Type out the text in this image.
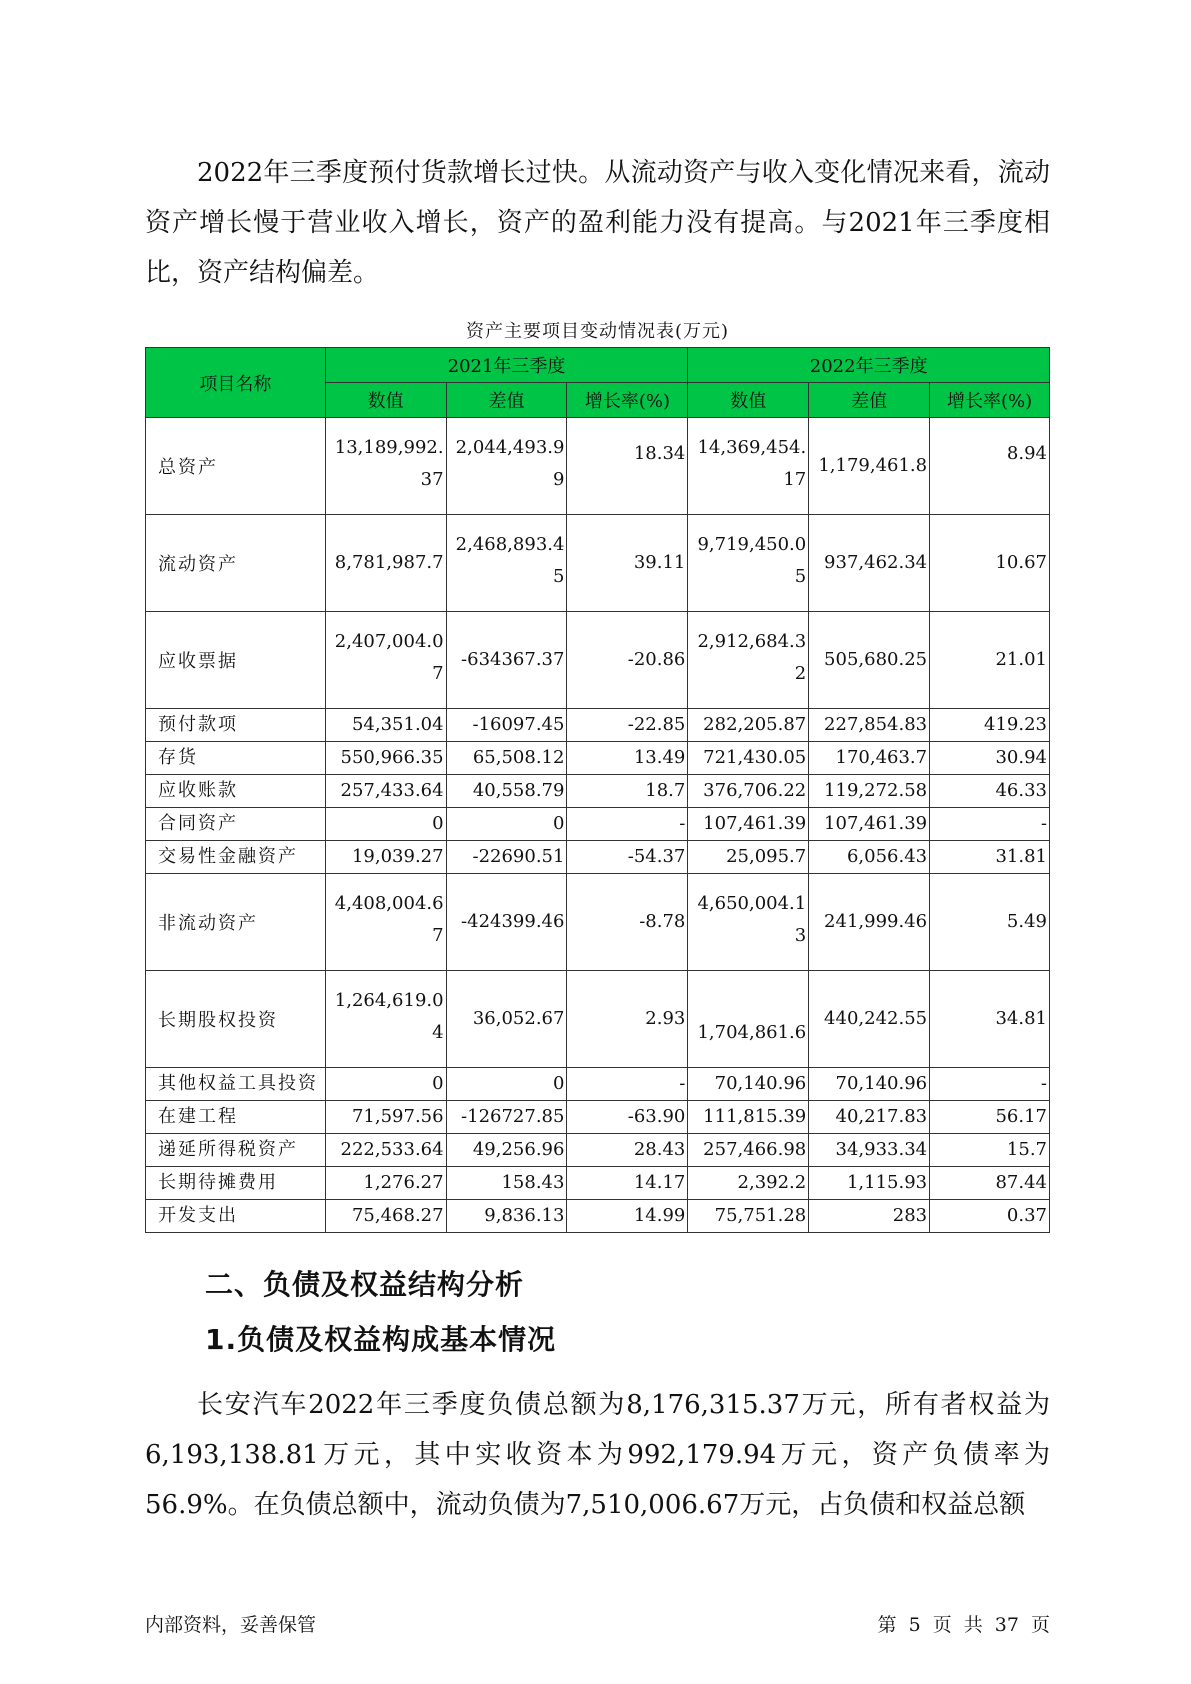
2022年三季度预付货款增长过快。从流动资产与收入变化情况来看，流动资产增长慢于营业收入增长，资产的盈利能力没有提高。与2021年三季度相比，资产结构偏差。

资产主要项目变动情况表(万元)
项目名称	2021年三季度			2022年三季度		
	数值	差值	增长率(%)	数值	差值	增长率(%)
总资产	13,189,992.37	2,044,493.99	18.34	14,369,454.17	1,179,461.8	8.94
流动资产	8,781,987.7	2,468,893.45	39.11	9,719,450.05	937,462.34	10.67
应收票据	2,407,004.07	-634367.37	-20.86	2,912,684.32	505,680.25	21.01
预付款项	54,351.04	-16097.45	-22.85	282,205.87	227,854.83	419.23
存货	550,966.35	65,508.12	13.49	721,430.05	170,463.7	30.94
应收账款	257,433.64	40,558.79	18.7	376,706.22	119,272.58	46.33
合同资产	0	0	-	107,461.39	107,461.39	-
交易性金融资产	19,039.27	-22690.51	-54.37	25,095.7	6,056.43	31.81
非流动资产	4,408,004.67	-424399.46	-8.78	4,650,004.13	241,999.46	5.49
长期股权投资	1,264,619.04	36,052.67	2.93	1,704,861.6	440,242.55	34.81
其他权益工具投资	0	0	-	70,140.96	70,140.96	-
在建工程	71,597.56	-126727.85	-63.90	111,815.39	40,217.83	56.17
递延所得税资产	222,533.64	49,256.96	28.43	257,466.98	34,933.34	15.7
长期待摊费用	1,276.27	158.43	14.17	2,392.2	1,115.93	87.44
开发支出	75,468.27	9,836.13	14.99	75,751.28	283	0.37
二、负债及权益结构分析
1.负债及权益构成基本情况

长安汽车2022年三季度负债总额为8,176,315.37万元，所有者权益为6,193,138.81万元，其中实收资本为992,179.94万元，资产负债率为56.9%。在负债总额中，流动负债为7,510,006.67万元，占负债和权益总额

内部资料，妥善保管	第 5 页 共 37 页
